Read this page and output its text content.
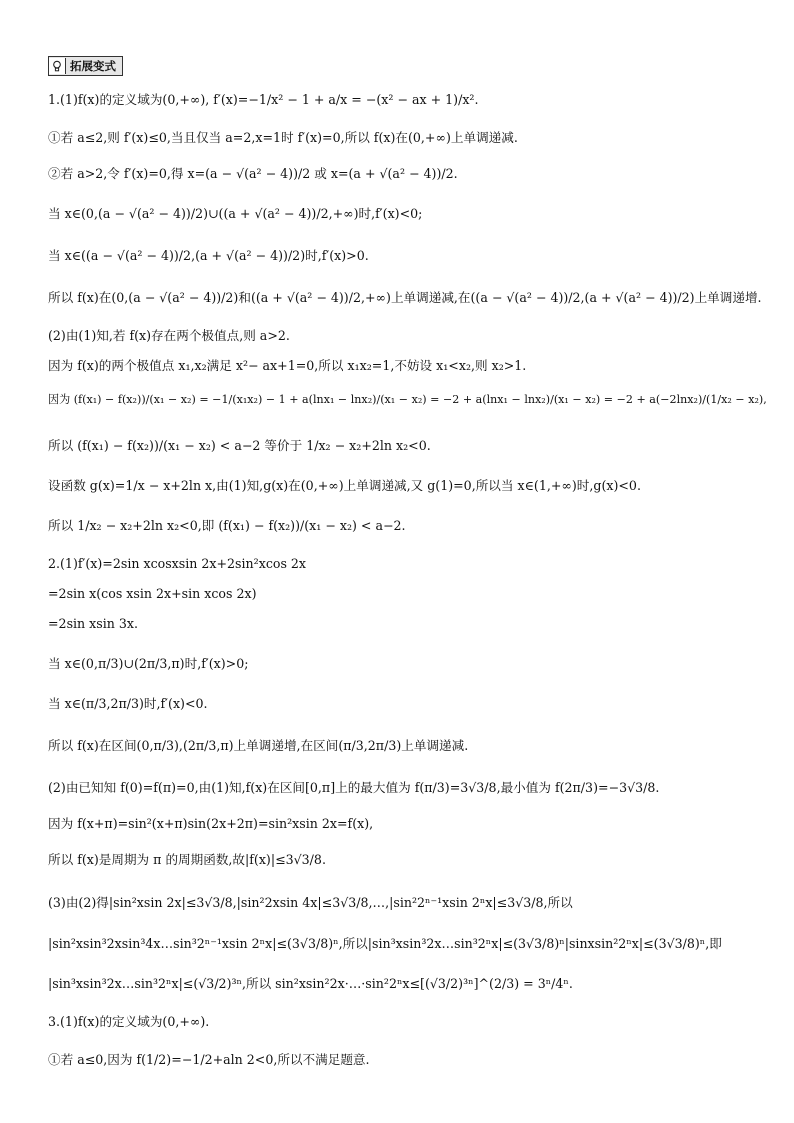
拓展变式
1.(1)f(x)的定义域为(0,+∞), f′(x)=−1/x² − 1 + a/x = −(x² − ax + 1)/x².
①若 a≤2,则 f′(x)≤0,当且仅当 a=2,x=1时 f′(x)=0,所以 f(x)在(0,+∞)上单调递减.
②若 a>2,令 f′(x)=0,得 x=(a − √(a² − 4))/2 或 x=(a + √(a² − 4))/2.
当 x∈(0,(a − √(a² − 4))/2)∪((a + √(a² − 4))/2,+∞)时,f′(x)<0;
当 x∈((a − √(a² − 4))/2,(a + √(a² − 4))/2)时,f′(x)>0.
所以 f(x)在(0,(a − √(a² − 4))/2)和((a + √(a² − 4))/2,+∞)上单调递减,在((a − √(a² − 4))/2,(a + √(a² − 4))/2)上单调递增.
(2)由(1)知,若 f(x)存在两个极值点,则 a>2.
因为 f(x)的两个极值点 x₁,x₂满足 x²− ax+1=0,所以 x₁x₂=1,不妨设 x₁<x₂,则 x₂>1.
因为 (f(x₁) − f(x₂))/(x₁ − x₂) = −1/(x₁x₂) − 1 + a(lnx₁ − lnx₂)/(x₁ − x₂) = −2 + a(lnx₁ − lnx₂)/(x₁ − x₂) = −2 + a(−2lnx₂)/(1/x₂ − x₂),
所以 (f(x₁) − f(x₂))/(x₁ − x₂) < a−2 等价于 1/x₂ − x₂+2ln x₂<0.
设函数 g(x)=1/x − x+2ln x,由(1)知,g(x)在(0,+∞)上单调递减,又 g(1)=0,所以当 x∈(1,+∞)时,g(x)<0.
所以 1/x₂ − x₂+2ln x₂<0,即 (f(x₁) − f(x₂))/(x₁ − x₂) < a−2.
2.(1)f′(x)=2sin xcosxsin 2x+2sin²xcos 2x
=2sin x(cos xsin 2x+sin xcos 2x)
=2sin xsin 3x.
当 x∈(0,π/3)∪(2π/3,π)时,f′(x)>0;
当 x∈(π/3,2π/3)时,f′(x)<0.
所以 f(x)在区间(0,π/3),(2π/3,π)上单调递增,在区间(π/3,2π/3)上单调递减.
(2)由已知知 f(0)=f(π)=0,由(1)知,f(x)在区间[0,π]上的最大值为 f(π/3)=3√3/8,最小值为 f(2π/3)=−3√3/8.
因为 f(x+π)=sin²(x+π)sin(2x+2π)=sin²xsin 2x=f(x),
所以 f(x)是周期为 π 的周期函数,故|f(x)|≤3√3/8.
(3)由(2)得|sin²xsin 2x|≤3√3/8,|sin²2xsin 4x|≤3√3/8,…,|sin²2ⁿ⁻¹xsin 2ⁿx|≤3√3/8,所以
|sin²xsin³2xsin³4x…sin³2ⁿ⁻¹xsin 2ⁿx|≤(3√3/8)ⁿ,所以|sin³xsin³2x…sin³2ⁿx|≤(3√3/8)ⁿ|sinxsin²2ⁿx|≤(3√3/8)ⁿ,即
|sin³xsin³2x…sin³2ⁿx|≤(√3/2)³ⁿ,所以 sin²xsin²2x·…·sin²2ⁿx≤[(√3/2)³ⁿ]^(2/3) = 3ⁿ/4ⁿ.
3.(1)f(x)的定义域为(0,+∞).
①若 a≤0,因为 f(1/2)=−1/2+aln 2<0,所以不满足题意.
